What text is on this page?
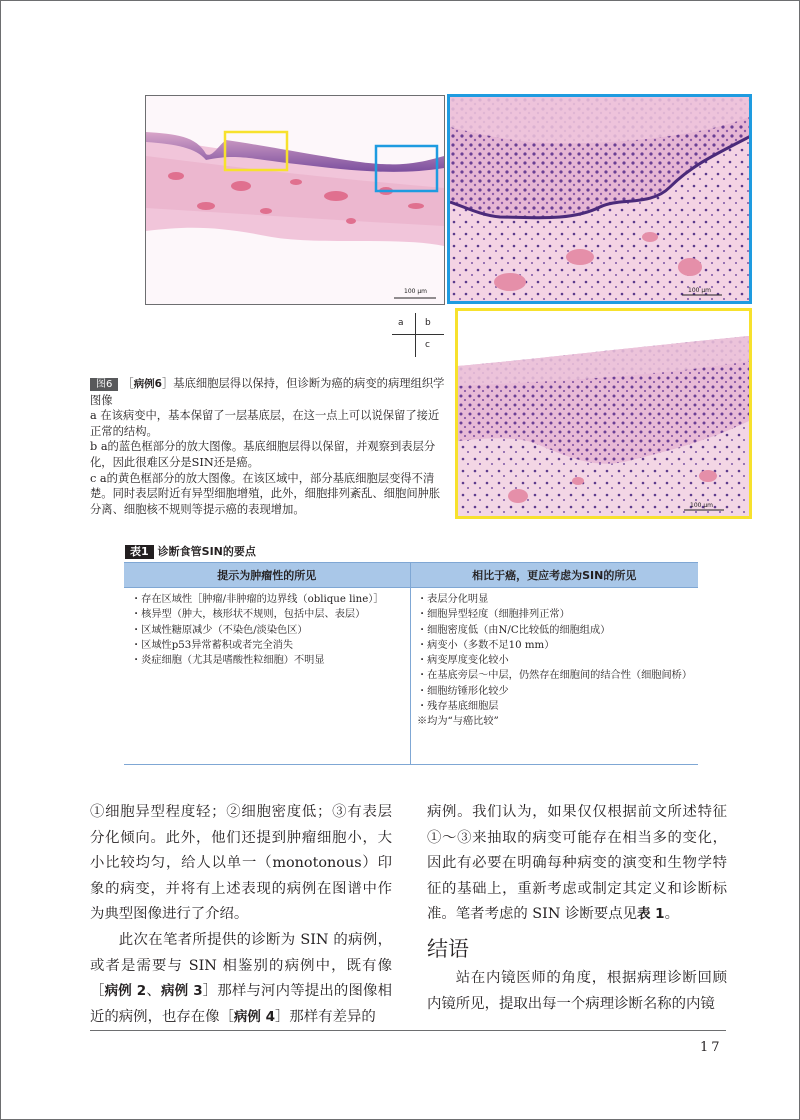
100 μm	100 μm
100 μm
a b
c

图6 ［病例6］基底细胞层得以保持，但诊断为癌的病变的病理组织学图像

a 在该病变中，基本保留了一层基底层，在这一点上可以说保留了接近正常的结构。

b a的蓝色框部分的放大图像。基底细胞层得以保留，并观察到表层分化，因此很难区分是SIN还是癌。

c a的黄色框部分的放大图像。在该区域中，部分基底细胞层变得不清楚。同时表层附近有异型细胞增殖，此外，细胞排列紊乱、细胞间肿胀分离、细胞核不规则等提示癌的表现增加。

表1 诊断食管SIN的要点
提示为肿瘤性的所见	相比于癌，更应考虑为SIN的所见

・存在区域性［肿瘤/非肿瘤的边界线（oblique line）］

・核异型（肿大，核形状不规则，包括中层、表层）

・区域性糖原减少（不染色/淡染色区）

・区域性p53异常蓄积或者完全消失

・炎症细胞（尤其是嗜酸性粒细胞）不明显

・表层分化明显

・细胞异型轻度（细胞排列正常）

・细胞密度低（由N/C比较低的细胞组成）

・病变小（多数不足10 mm）

・病变厚度变化较小

・在基底旁层～中层，仍然存在细胞间的结合性（细胞间桥）

・细胞纺锤形化较少

・残存基底细胞层

※均为“与癌比较”

①细胞异型程度轻；②细胞密度低；③有表层分化倾向。此外，他们还提到肿瘤细胞小，大小比较均匀，给人以单一（monotonous）印象的病变，并将有上述表现的病例在图谱中作为典型图像进行了介绍。

此次在笔者所提供的诊断为 SIN 的病例，或者是需要与 SIN 相鉴别的病例中，既有像［病例 2、病例 3］那样与河内等提出的图像相近的病例，也存在像［病例 4］那样有差异的

病例。我们认为，如果仅仅根据前文所述特征①～③来抽取的病变可能存在相当多的变化，因此有必要在明确每种病变的演变和生物学特征的基础上，重新考虑或制定其定义和诊断标准。笔者考虑的 SIN 诊断要点见表 1。

结语

站在内镜医师的角度，根据病理诊断回顾内镜所见，提取出每一个病理诊断名称的内镜

17
